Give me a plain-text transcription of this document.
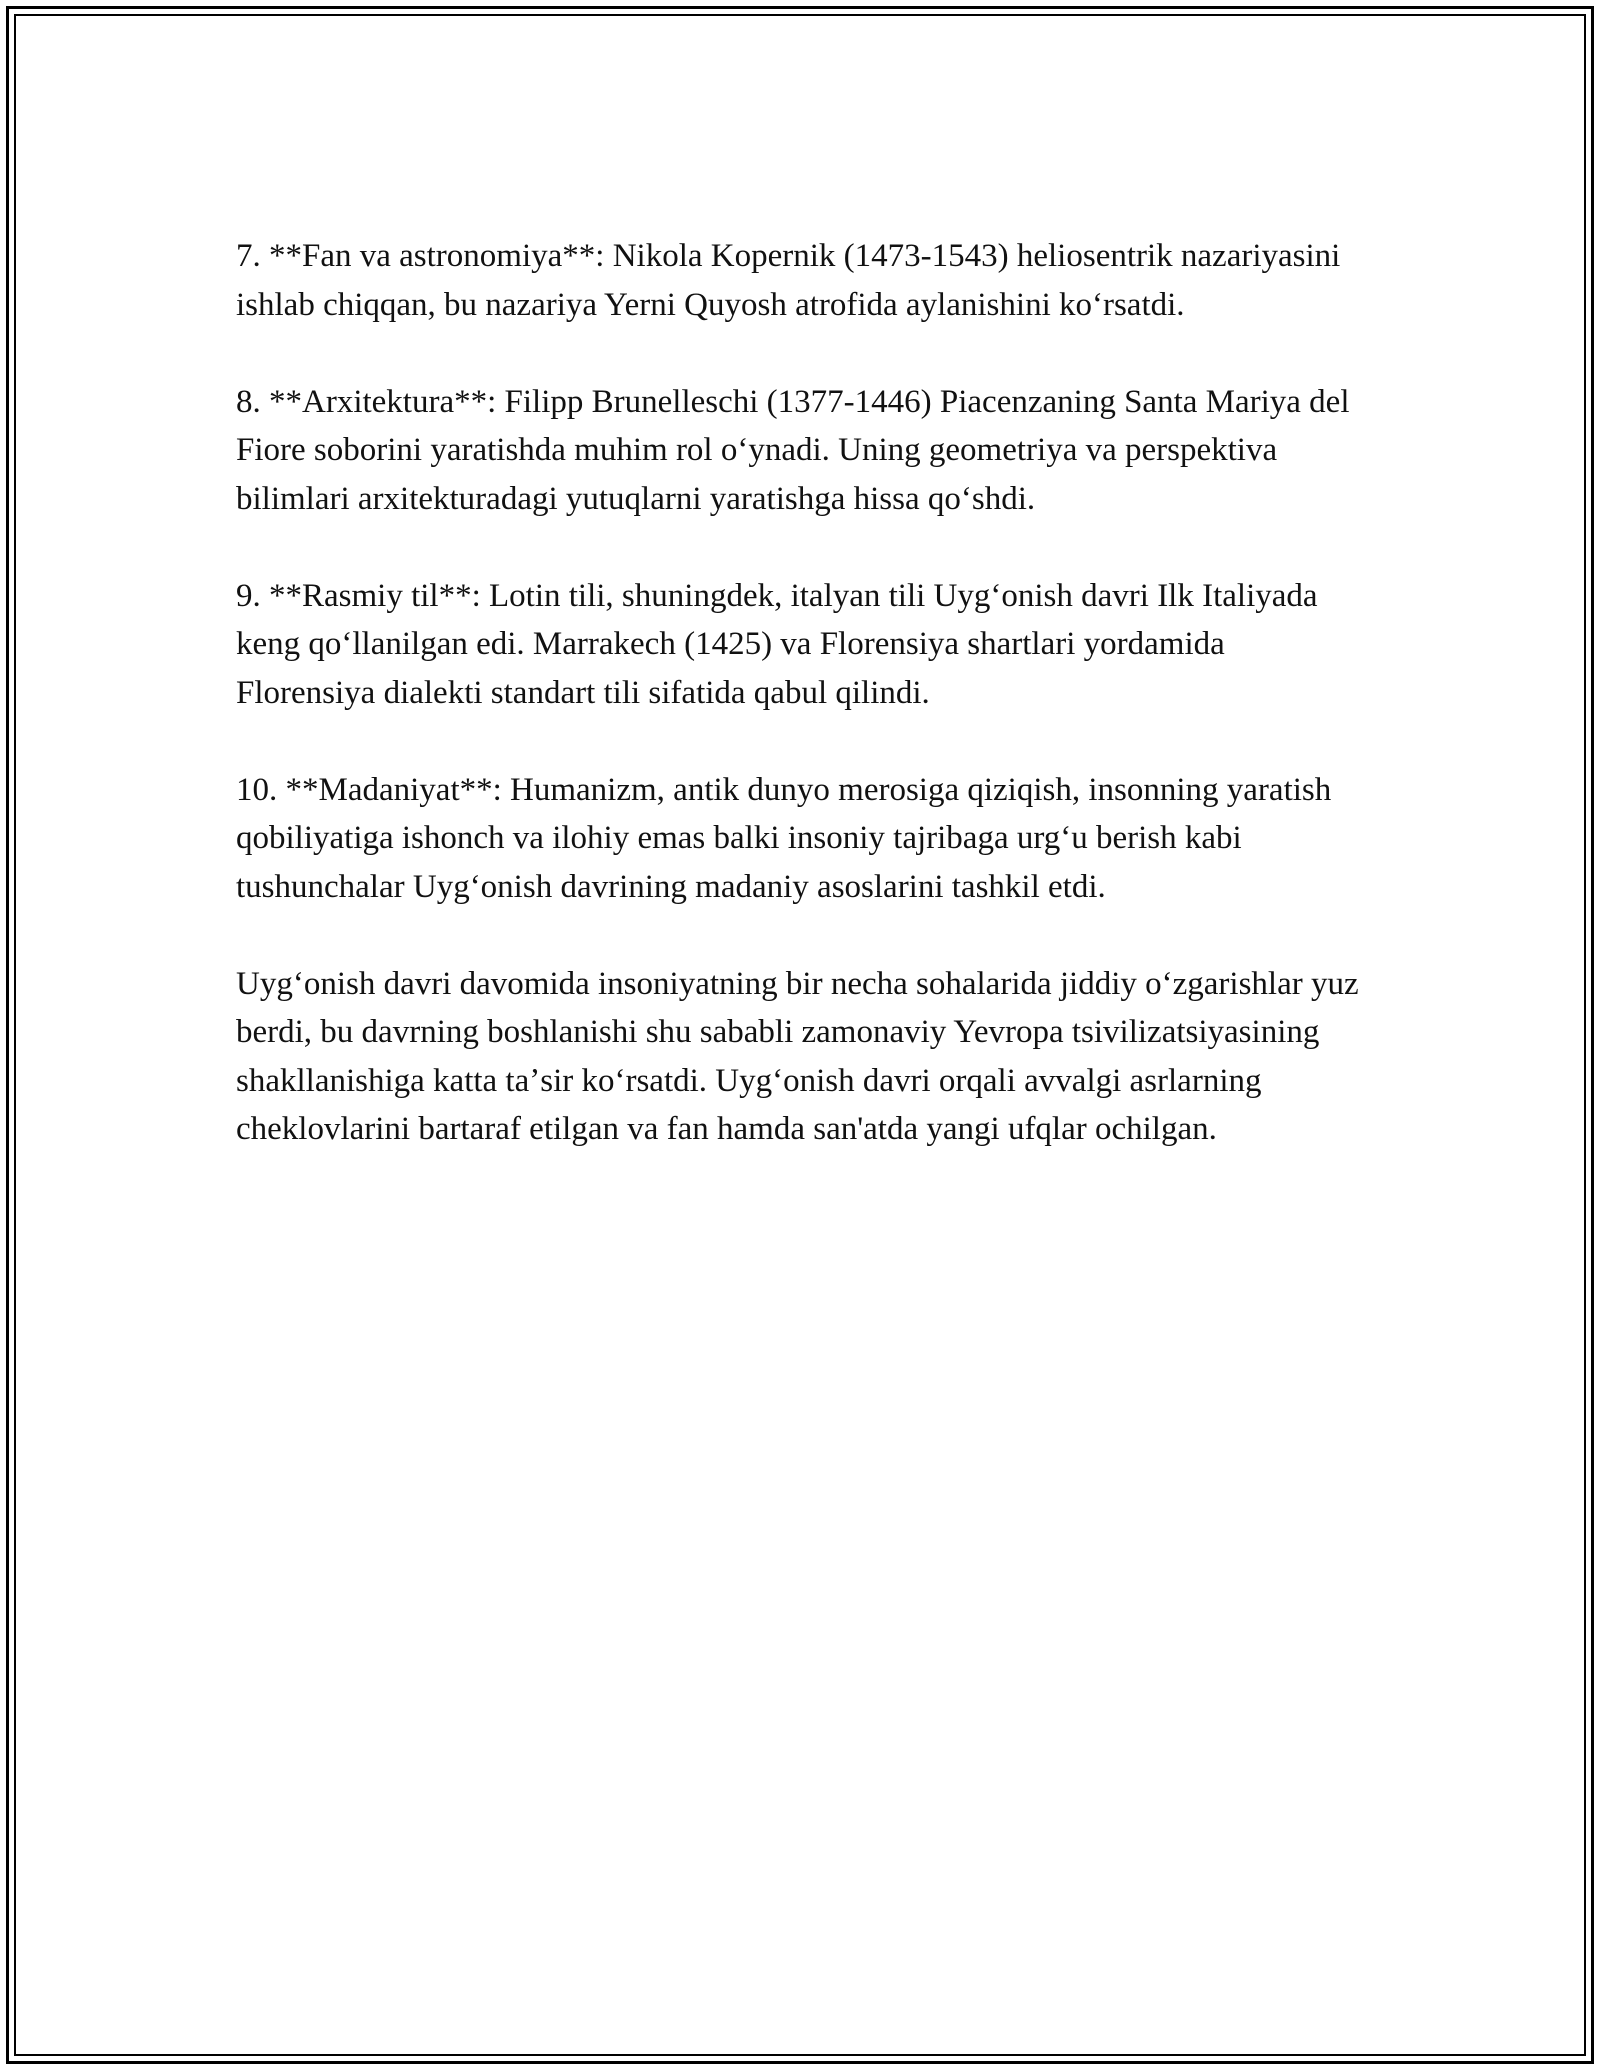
7. **Fan va astronomiya**: Nikola Kopernik (1473-1543) heliosentrik nazariyasini ishlab chiqqan, bu nazariya Yerni Quyosh atrofida aylanishini koʻrsatdi.

8. **Arxitektura**: Filipp Brunelleschi (1377-1446) Piacenzaning Santa Mariya del Fiore soborini yaratishda muhim rol oʻynadi. Uning geometriya va perspektiva bilimlari arxitekturadagi yutuqlarni yaratishga hissa qoʻshdi.

9. **Rasmiy til**: Lotin tili, shuningdek, italyan tili Uygʻonish davri Ilk Italiyada keng qoʻllanilgan edi. Marrakech (1425) va Florensiya shartlari yordamida Florensiya dialekti standart tili sifatida qabul qilindi.

10. **Madaniyat**: Humanizm, antik dunyo merosiga qiziqish, insonning yaratish qobiliyatiga ishonch va ilohiy emas balki insoniy tajribaga urgʻu berish kabi tushunchalar Uygʻonish davrining madaniy asoslarini tashkil etdi.

Uygʻonish davri davomida insoniyatning bir necha sohalarida jiddiy oʻzgarishlar yuz berdi, bu davrning boshlanishi shu sababli zamonaviy Yevropa tsivilizatsiyasining shakllanishiga katta taʼsir koʻrsatdi. Uygʻonish davri orqali avvalgi asrlarning cheklovlarini bartaraf etilgan va fan hamda san'atda yangi ufqlar ochilgan.
